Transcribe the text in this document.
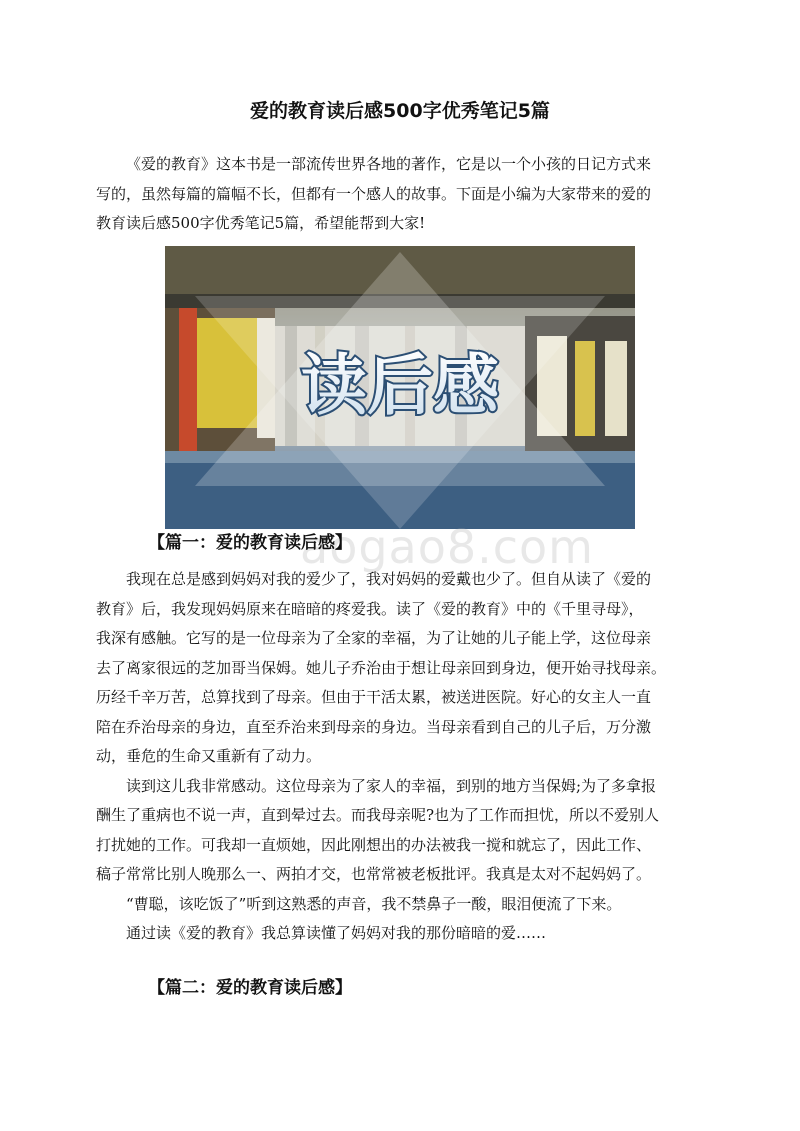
爱的教育读后感500字优秀笔记5篇

《爱的教育》这本书是一部流传世界各地的著作，它是以一个小孩的日记方式来

写的，虽然每篇的篇幅不长，但都有一个感人的故事。下面是小编为大家带来的爱的

教育读后感500字优秀笔记5篇，希望能帮到大家!

读后感
aogao8.com
【篇一：爱的教育读后感】

我现在总是感到妈妈对我的爱少了，我对妈妈的爱戴也少了。但自从读了《爱的

教育》后，我发现妈妈原来在暗暗的疼爱我。读了《爱的教育》中的《千里寻母》，

我深有感触。它写的是一位母亲为了全家的幸福，为了让她的儿子能上学，这位母亲

去了离家很远的芝加哥当保姆。她儿子乔治由于想让母亲回到身边，便开始寻找母亲。

历经千辛万苦，总算找到了母亲。但由于干活太累，被送进医院。好心的女主人一直

陪在乔治母亲的身边，直至乔治来到母亲的身边。当母亲看到自己的儿子后，万分激

动，垂危的生命又重新有了动力。

读到这儿我非常感动。这位母亲为了家人的幸福，到别的地方当保姆;为了多拿报

酬生了重病也不说一声，直到晕过去。而我母亲呢?也为了工作而担忧，所以不爱别人

打扰她的工作。可我却一直烦她，因此刚想出的办法被我一搅和就忘了，因此工作、

稿子常常比别人晚那么一、两拍才交，也常常被老板批评。我真是太对不起妈妈了。

“曹聪，该吃饭了”听到这熟悉的声音，我不禁鼻子一酸，眼泪便流了下来。

通过读《爱的教育》我总算读懂了妈妈对我的那份暗暗的爱……

【篇二：爱的教育读后感】
